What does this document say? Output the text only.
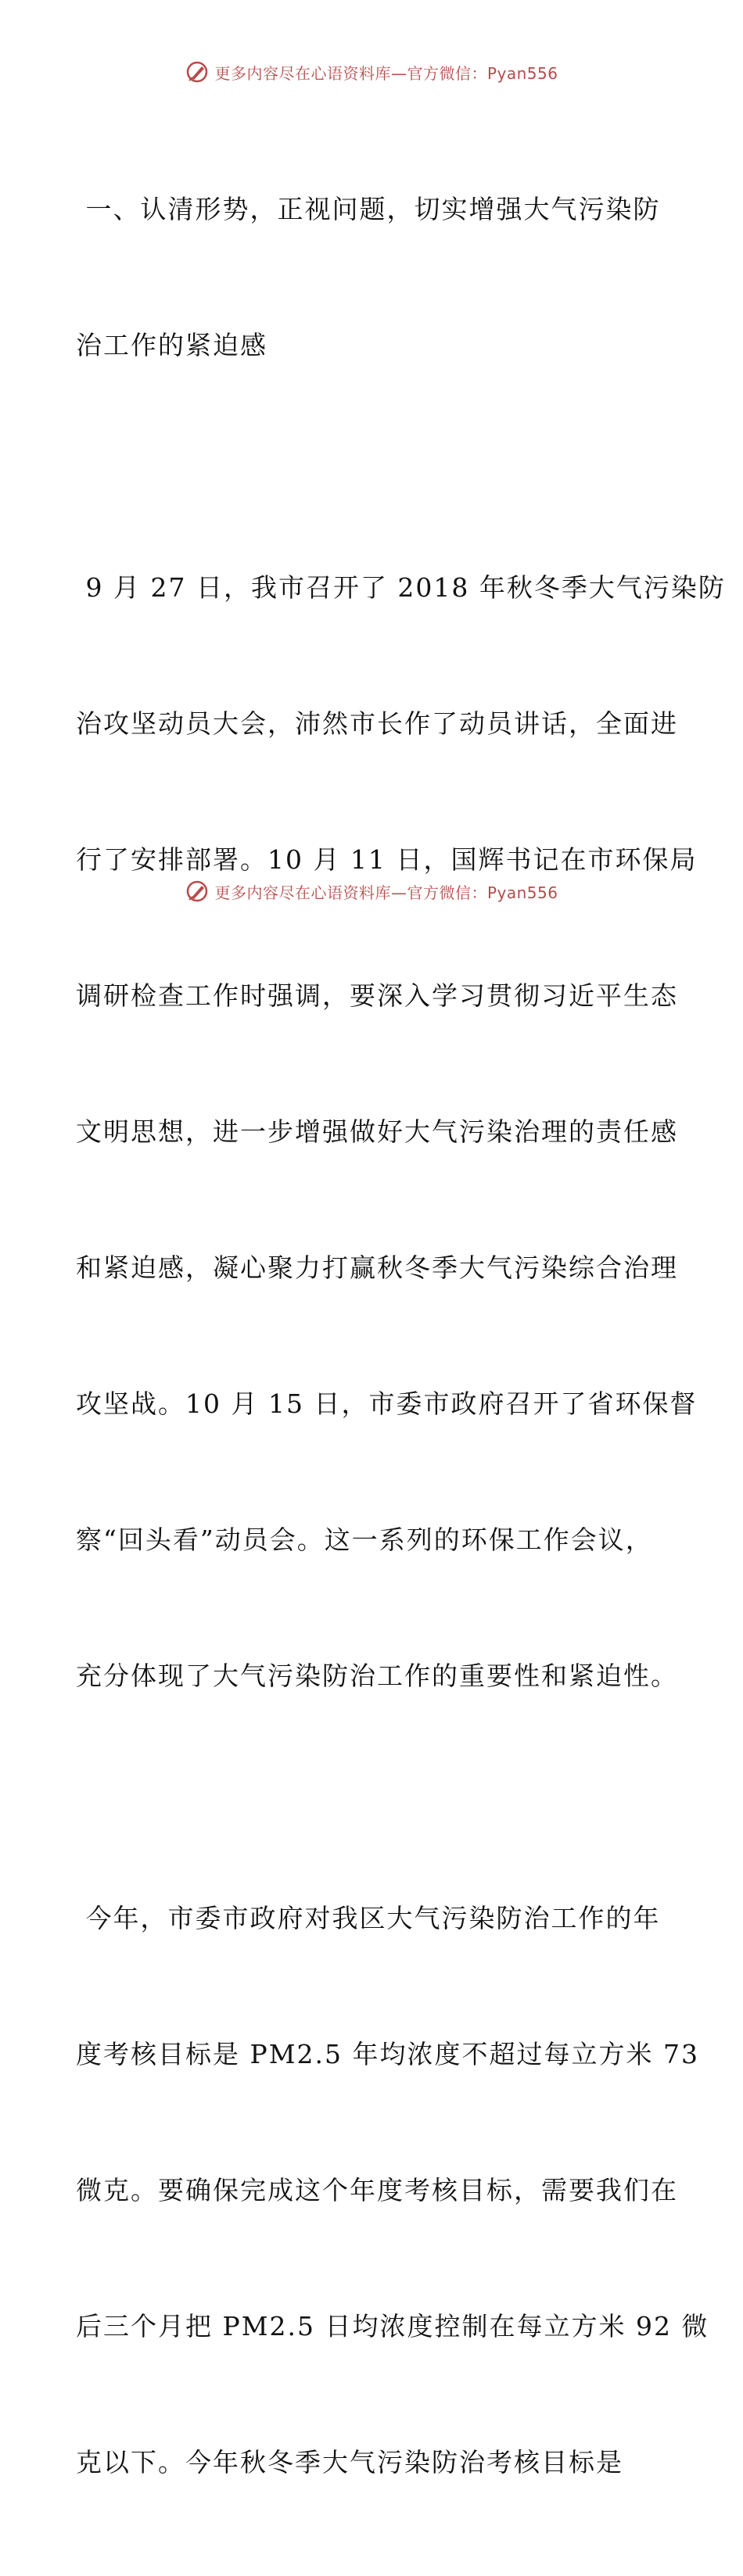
更多内容尽在心语资料库—官方微信：Pyan556

一、认清形势，正视问题，切实增强大气污染防

治工作的紧迫感

9 月 27 日，我市召开了 2018 年秋冬季大气污染防

治攻坚动员大会，沛然市长作了动员讲话，全面进

行了安排部署。10 月 11 日，国辉书记在市环保局

调研检查工作时强调，要深入学习贯彻习近平生态

文明思想，进一步增强做好大气污染治理的责任感

和紧迫感，凝心聚力打赢秋冬季大气污染综合治理

攻坚战。10 月 15 日，市委市政府召开了省环保督

察“回头看”动员会。这一系列的环保工作会议，

充分体现了大气污染防治工作的重要性和紧迫性。

今年，市委市政府对我区大气污染防治工作的年

度考核目标是 PM2.5 年均浓度不超过每立方米 73

微克。要确保完成这个年度考核目标，需要我们在

后三个月把 PM2.5 日均浓度控制在每立方米 92 微

克以下。今年秋冬季大气污染防治考核目标是

更多内容尽在心语资料库—官方微信：Pyan556
